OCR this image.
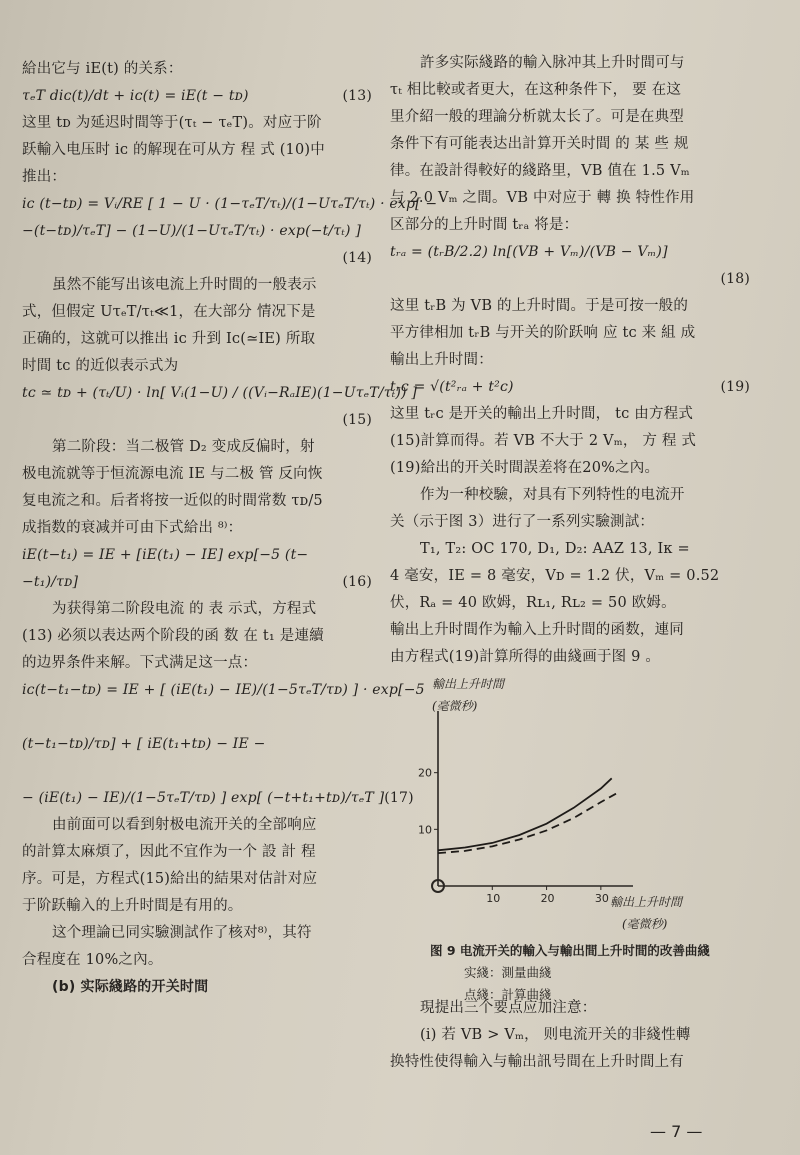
給出它与 iE(t) 的关系：
τₑT diᴄ(t)/dt + iᴄ(t) = iE(t − tᴅ)	(13)
这里 tᴅ 为延迟时間等于(τₜ − τₑT)。对应于阶
跃輸入电压时 iᴄ 的解现在可从方 程 式 (10)中
推出：
iᴄ (t−tᴅ) = Vᵢ/RE [ 1 − U · (1−τₑT/τₜ)/(1−UτₑT/τₜ) · exp[ −
−(t−tᴅ)/τₑT] − (1−U)/(1−UτₑT/τₜ) · exp(−t/τₜ) ]
(14)
虽然不能写出该电流上升时間的一般表示
式，但假定 UτₑT/τₜ≪1，在大部分 情况下是
正确的，这就可以推出 iᴄ 升到 Iᴄ(≃IE) 所取
时間 tᴄ 的近似表示式为
tᴄ ≃ tᴅ + (τₜ/U) · ln[ Vᵢ(1−U) / ((Vᵢ−RₐIE)(1−UτₑT/τₜ)) ]
(15)
第二阶段：当二极管 D₂ 变成反偏时，射
极电流就等于恒流源电流 IE 与二极 管 反向恢
复电流之和。后者将按一近似的时間常数 τᴅ/5
成指数的衰减并可由下式給出 ⁸⁾：
iE(t−t₁) = IE + [iE(t₁) − IE] exp[−5 (t−
−t₁)/τᴅ]	(16)
为获得第二阶段电流 的 表 示式，方程式
(13) 必须以表达两个阶段的函 数 在 t₁ 是連續
的边界条件来解。下式满足这一点：
iᴄ(t−t₁−tᴅ) = IE + [ (iE(t₁) − IE)/(1−5τₑT/τᴅ) ] · exp[−5

(t−t₁−tᴅ)/τᴅ] + [ iE(t₁+tᴅ) − IE −

− (iE(t₁) − IE)/(1−5τₑT/τᴅ) ] exp[ (−t+t₁+tᴅ)/τₑT ] (17)
由前面可以看到射极电流开关的全部响应
的計算太麻煩了，因此不宜作为一个 設 計 程
序。可是，方程式(15)給出的結果对估計对应
于阶跃輸入的上升时間是有用的。
这个理論已同实驗測試作了核对⁸⁾，其符
合程度在 10%之內。
(b) 实际綫路的开关时間
許多实际綫路的輸入脉冲其上升时間可与
τₜ 相比較或者更大，在这种条件下， 要 在这
里介紹一般的理論分析就太长了。可是在典型
条件下有可能表达出計算开关时間 的 某 些 规
律。在設計得較好的綫路里，VB 值在 1.5 Vₘ
与 2.0 Vₘ 之間。VB 中对应于 轉 换 特性作用
区部分的上升时間 tᵣₐ 将是：
tᵣₐ = (tᵣB/2.2) ln[(VB + Vₘ)/(VB − Vₘ)]
(18)
这里 tᵣB 为 VB 的上升时間。于是可按一般的
平方律相加 tᵣB 与开关的阶跃响 应 tᴄ 来 組 成
輸出上升时間：
tᵣᴄ = √(t²ᵣₐ + t²ᴄ)	(19)
这里 tᵣᴄ 是开关的輸出上升时間， tᴄ 由方程式
(15)計算而得。若 VB 不大于 2 Vₘ， 方 程 式
(19)給出的开关时間誤差将在20%之內。
作为一种校驗，对具有下列特性的电流开
关（示于图 3）进行了一系列实驗測試：
T₁, T₂: OC 170, D₁, D₂: AAZ 13, Iᴋ =
4 毫安，IE = 8 毫安，Vᴅ = 1.2 伏，Vₘ = 0.52
伏，Rₐ = 40 欧姆，Rʟ₁, Rʟ₂ = 50 欧姆。
輸出上升时間作为輸入上升时間的函数，連同
由方程式(19)計算所得的曲綫画于图 9 。
輸出上升时間
(毫微秒)
輸出上升时間
(毫微秒)
10	20	30
10
20
图 9 电流开关的輸入与輸出間上升时間的改善曲綫
实綫：測量曲綫
点綫：計算曲綫
現提出三个要点应加注意：
(i) 若 VB > Vₘ， 则电流开关的非綫性轉
换特性使得輸入与輸出訊号間在上升时間上有
— 7 —
